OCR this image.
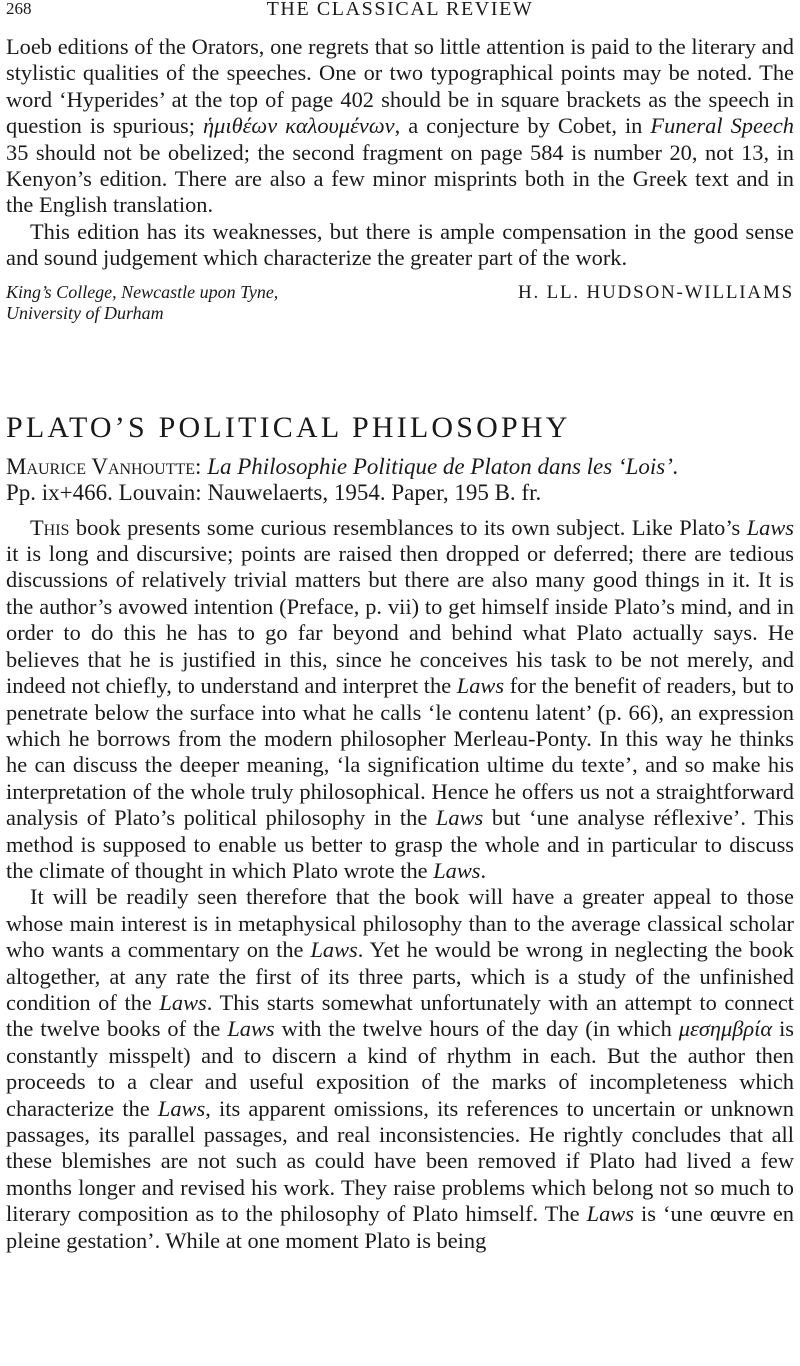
268	THE CLASSICAL REVIEW

Loeb editions of the Orators, one regrets that so little attention is paid to the literary and stylistic qualities of the speeches. One or two typographical points may be noted. The word ‘Hyperides’ at the top of page 402 should be in square brackets as the speech in question is spurious; ἡμιθέων καλουμένων, a conjecture by Cobet, in Funeral Speech 35 should not be obelized; the second fragment on page 584 is number 20, not 13, in Kenyon’s edition. There are also a few minor misprints both in the Greek text and in the English translation.

This edition has its weaknesses, but there is ample compensation in the good sense and sound judgement which characterize the greater part of the work.

King’s College, Newcastle upon Tyne,
University of Durham
H. LL. HUDSON-WILLIAMS
PLATO’S POLITICAL PHILOSOPHY
Maurice Vanhoutte: La Philosophie Politique de Platon dans les ‘Lois’.
Pp. ix+466. Louvain: Nauwelaerts, 1954. Paper, 195 B. fr.

This book presents some curious resemblances to its own subject. Like Plato’s Laws it is long and discursive; points are raised then dropped or deferred; there are tedious discussions of relatively trivial matters but there are also many good things in it. It is the author’s avowed intention (Preface, p. vii) to get himself inside Plato’s mind, and in order to do this he has to go far beyond and behind what Plato actually says. He believes that he is justified in this, since he conceives his task to be not merely, and indeed not chiefly, to understand and interpret the Laws for the benefit of readers, but to penetrate below the surface into what he calls ‘le contenu latent’ (p. 66), an expression which he borrows from the modern philosopher Merleau-Ponty. In this way he thinks he can discuss the deeper meaning, ‘la signification ultime du texte’, and so make his interpretation of the whole truly philosophical. Hence he offers us not a straightforward analysis of Plato’s political philosophy in the Laws but ‘une analyse réflexive’. This method is supposed to enable us better to grasp the whole and in particular to discuss the climate of thought in which Plato wrote the Laws.

It will be readily seen therefore that the book will have a greater appeal to those whose main interest is in metaphysical philosophy than to the average classical scholar who wants a commentary on the Laws. Yet he would be wrong in neglecting the book altogether, at any rate the first of its three parts, which is a study of the unfinished condition of the Laws. This starts somewhat unfortunately with an attempt to connect the twelve books of the Laws with the twelve hours of the day (in which μεσημβρία is constantly misspelt) and to discern a kind of rhythm in each. But the author then proceeds to a clear and useful exposition of the marks of incompleteness which characterize the Laws, its apparent omissions, its references to uncertain or unknown passages, its parallel passages, and real inconsistencies. He rightly concludes that all these blemishes are not such as could have been removed if Plato had lived a few months longer and revised his work. They raise problems which belong not so much to literary composition as to the philosophy of Plato himself. The Laws is ‘une œuvre en pleine gestation’. While at one moment Plato is being
